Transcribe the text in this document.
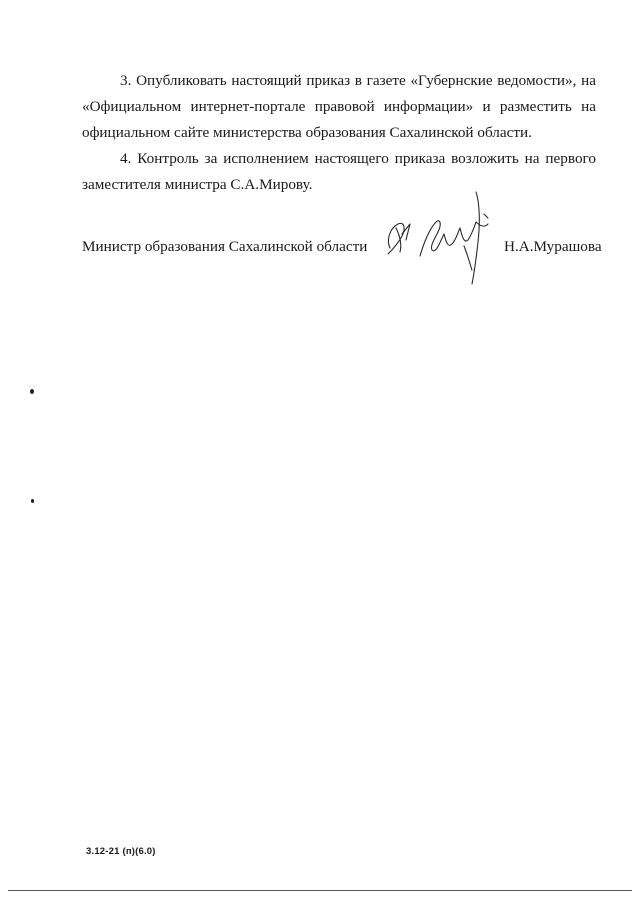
3. Опубликовать настоящий приказ в газете «Губернские ведомости», на
«Официальном интернет-портале правовой информации» и разместить на
официальном сайте министерства образования Сахалинской области.
4. Контроль за исполнением настоящего приказа возложить на первого
заместителя министра С.А.Мирову.
Министр образования Сахалинской области	Н.А.Мурашова
3.12-21 (п)(6.0)
